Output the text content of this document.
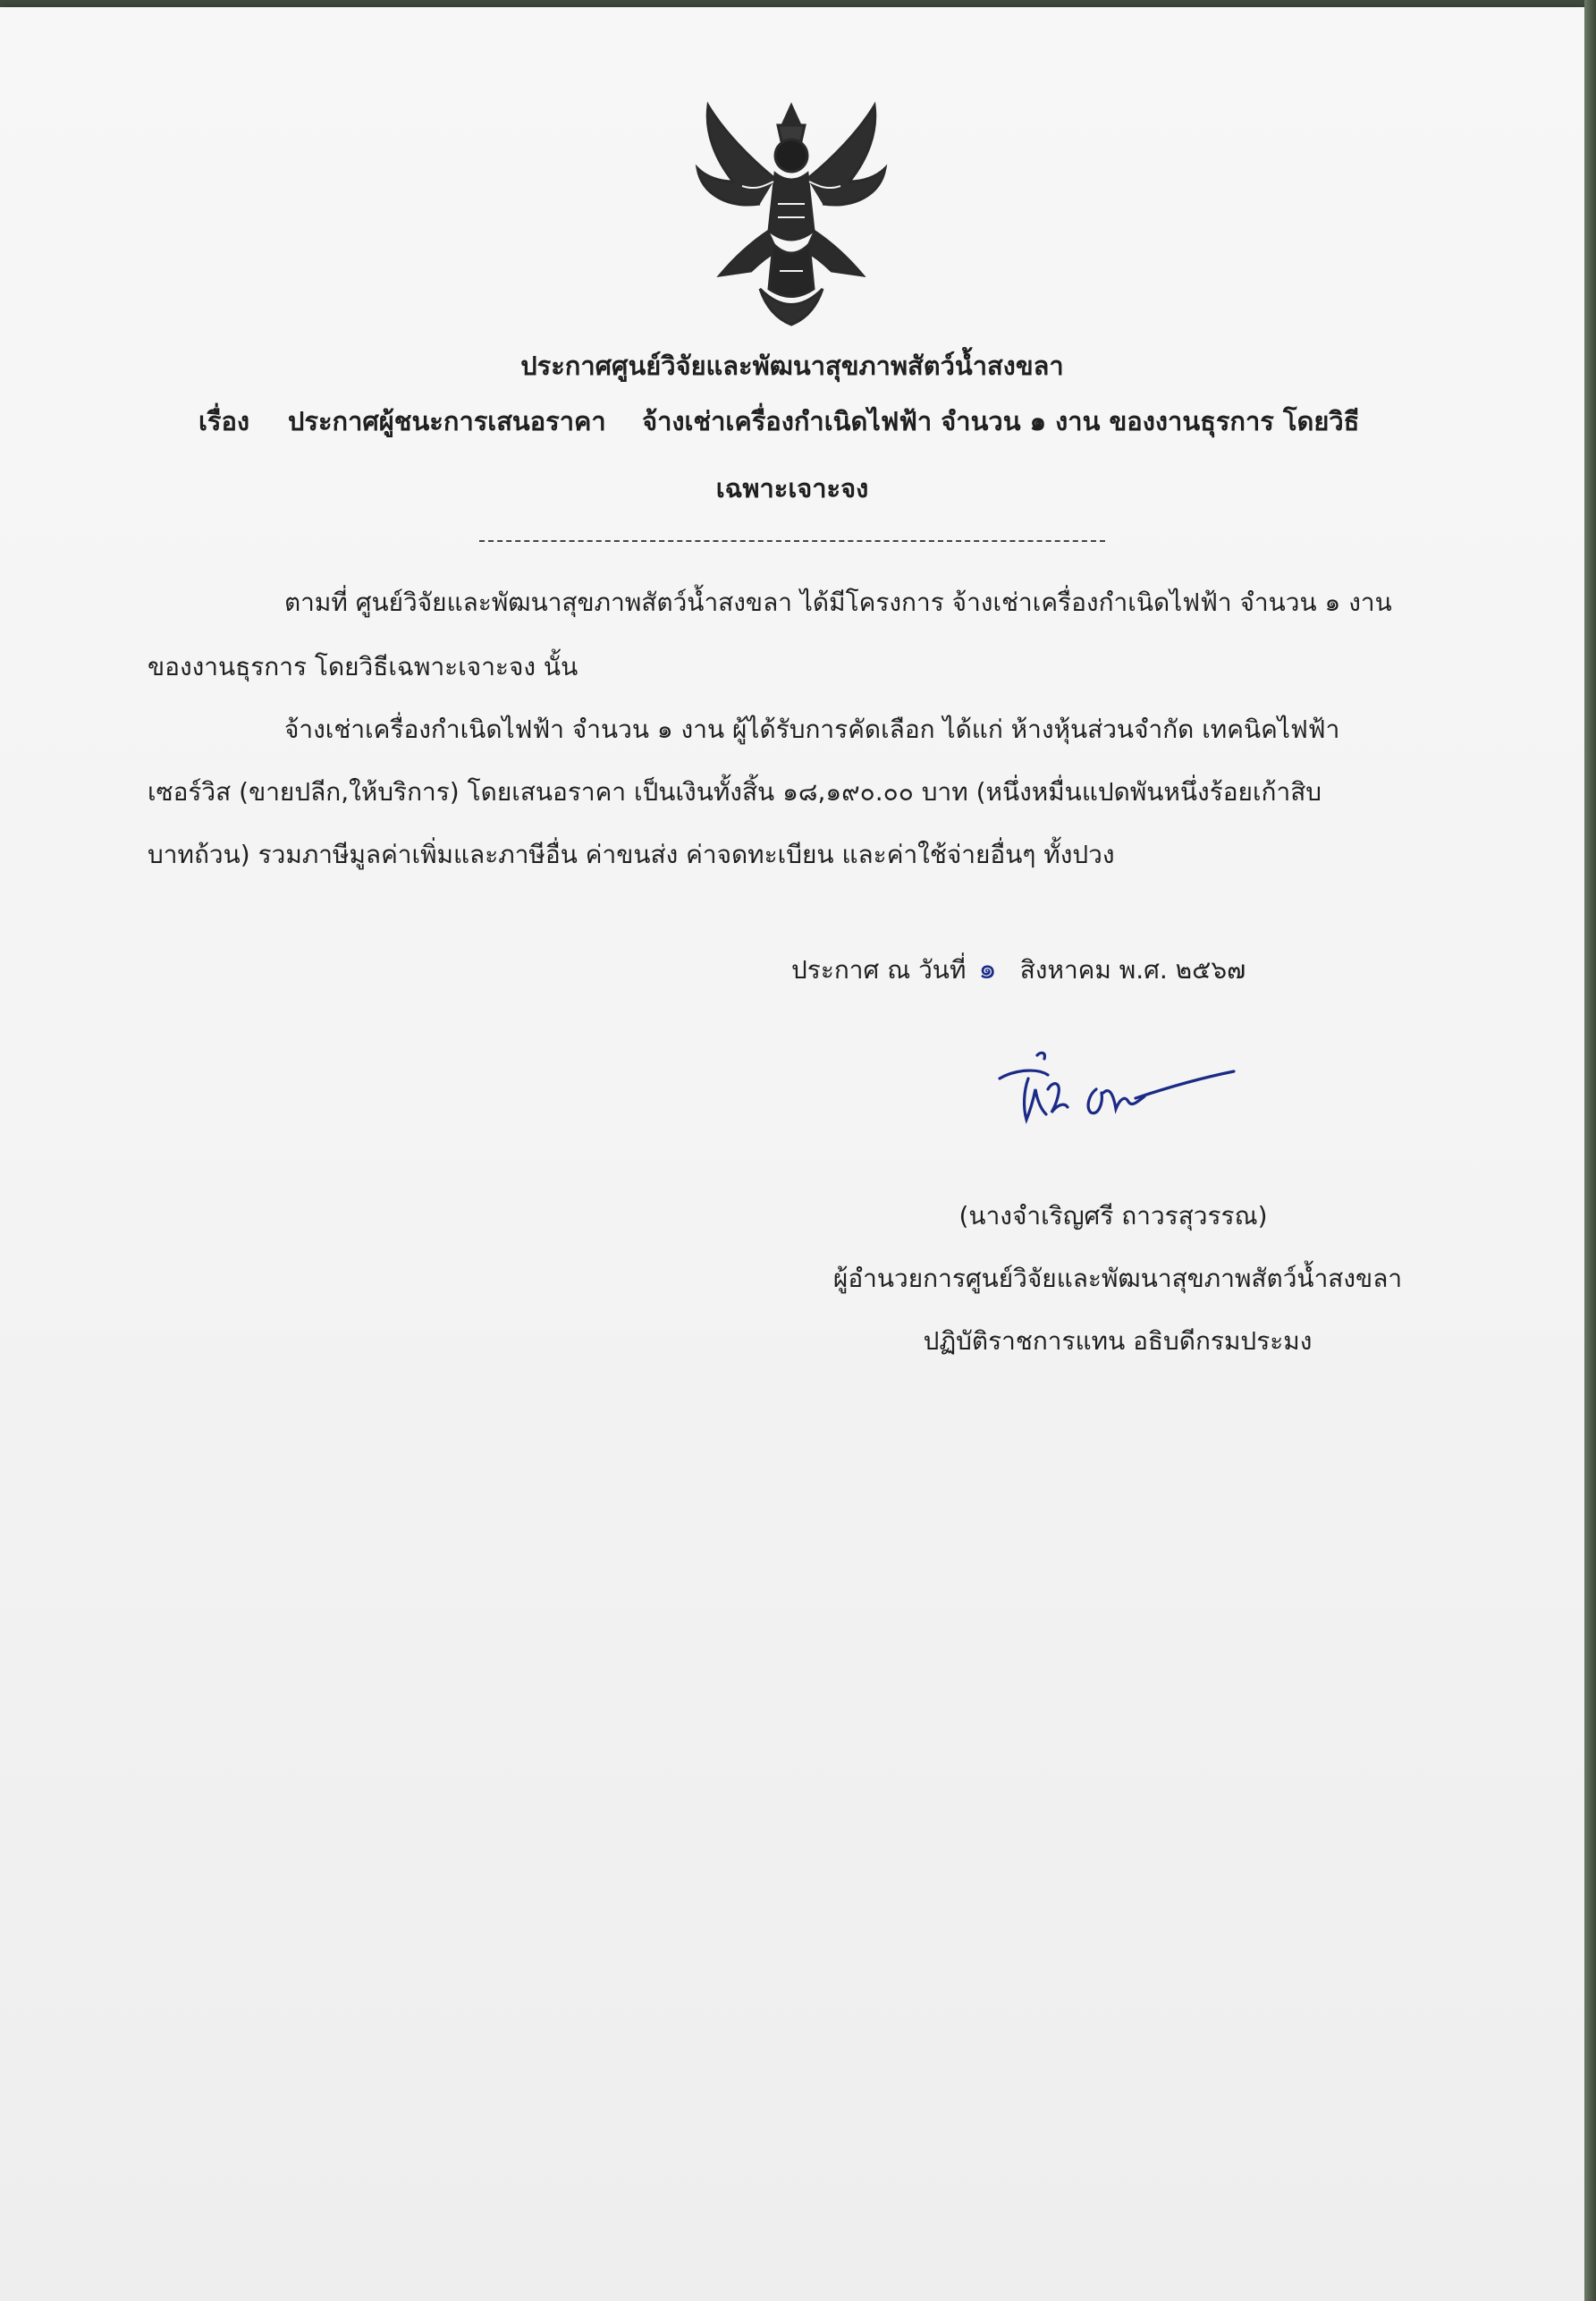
ประกาศศูนย์วิจัยและพัฒนาสุขภาพสัตว์น้ำสงขลา
เรื่อง ประกาศผู้ชนะการเสนอราคา    จ้างเช่าเครื่องกำเนิดไฟฟ้า จำนวน ๑ งาน ของงานธุรการ โดยวิธี
เฉพาะเจาะจง
ตามที่ ศูนย์วิจัยและพัฒนาสุขภาพสัตว์น้ำสงขลา ได้มีโครงการ จ้างเช่าเครื่องกำเนิดไฟฟ้า จำนวน ๑ งาน
ของงานธุรการ โดยวิธีเฉพาะเจาะจง นั้น
จ้างเช่าเครื่องกำเนิดไฟฟ้า จำนวน ๑ งาน ผู้ได้รับการคัดเลือก ได้แก่ ห้างหุ้นส่วนจำกัด เทคนิคไฟฟ้า
เซอร์วิส (ขายปลีก,ให้บริการ) โดยเสนอราคา เป็นเงินทั้งสิ้น ๑๘,๑๙๐.๐๐ บาท (หนึ่งหมื่นแปดพันหนึ่งร้อยเก้าสิบ
บาทถ้วน) รวมภาษีมูลค่าเพิ่มและภาษีอื่น ค่าขนส่ง ค่าจดทะเบียน และค่าใช้จ่ายอื่นๆ ทั้งปวง
ประกาศ ณ วันที่ ๑ สิงหาคม พ.ศ. ๒๕๖๗
(นางจำเริญศรี ถาวรสุวรรณ)
ผู้อำนวยการศูนย์วิจัยและพัฒนาสุขภาพสัตว์น้ำสงขลา
ปฏิบัติราชการแทน อธิบดีกรมประมง
